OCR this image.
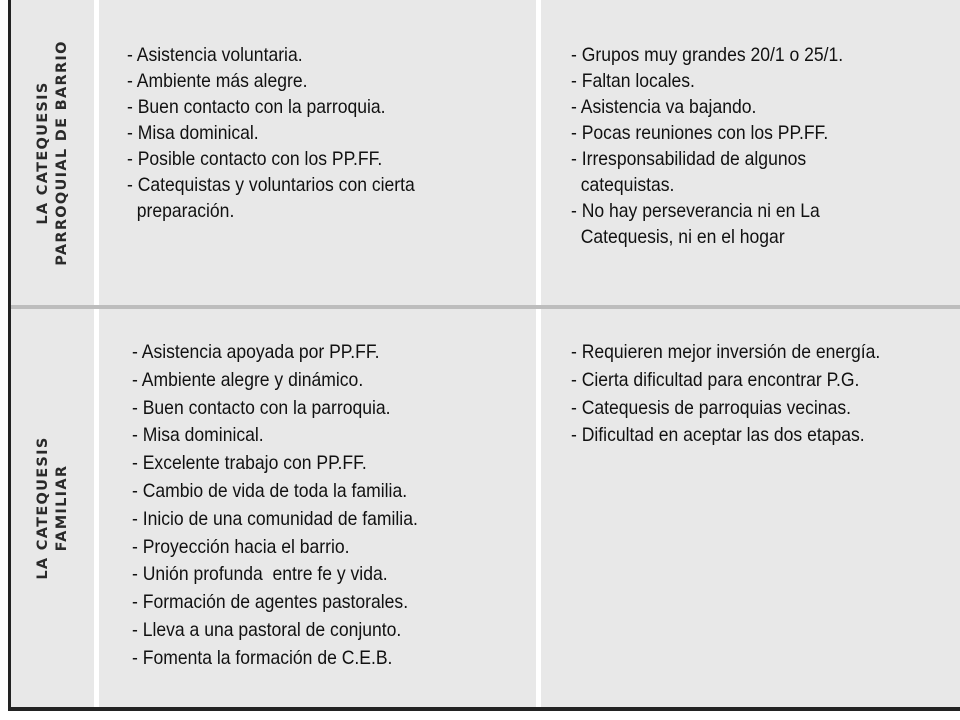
LA CATEQUESIS PARROQUIAL DE BARRIO	- Asistencia voluntaria.
- Ambiente más alegre.
- Buen contacto con la parroquia.
- Misa dominical.
- Posible contacto con los PP.FF.
- Catequistas y voluntarios con cierta
preparación.
- Grupos muy grandes 20/1 o 25/1.
- Faltan locales.
- Asistencia va bajando.
- Pocas reuniones con los PP.FF.
- Irresponsabilidad de algunos
catequistas.
- No hay perseverancia ni en La
Catequesis, ni en el hogar
LA CATEQUESIS FAMILIAR
- Asistencia apoyada por PP.FF.
- Ambiente alegre y dinámico.
- Buen contacto con la parroquia.
- Misa dominical.
- Excelente trabajo con PP.FF.
- Cambio de vida de toda la familia.
- Inicio de una comunidad de familia.
- Proyección hacia el barrio.
- Unión profunda  entre fe y vida.
- Formación de agentes pastorales.
- Lleva a una pastoral de conjunto.
- Fomenta la formación de C.E.B.
- Requieren mejor inversión de energía.
- Cierta dificultad para encontrar P.G.
- Catequesis de parroquias vecinas.
- Dificultad en aceptar las dos etapas.
